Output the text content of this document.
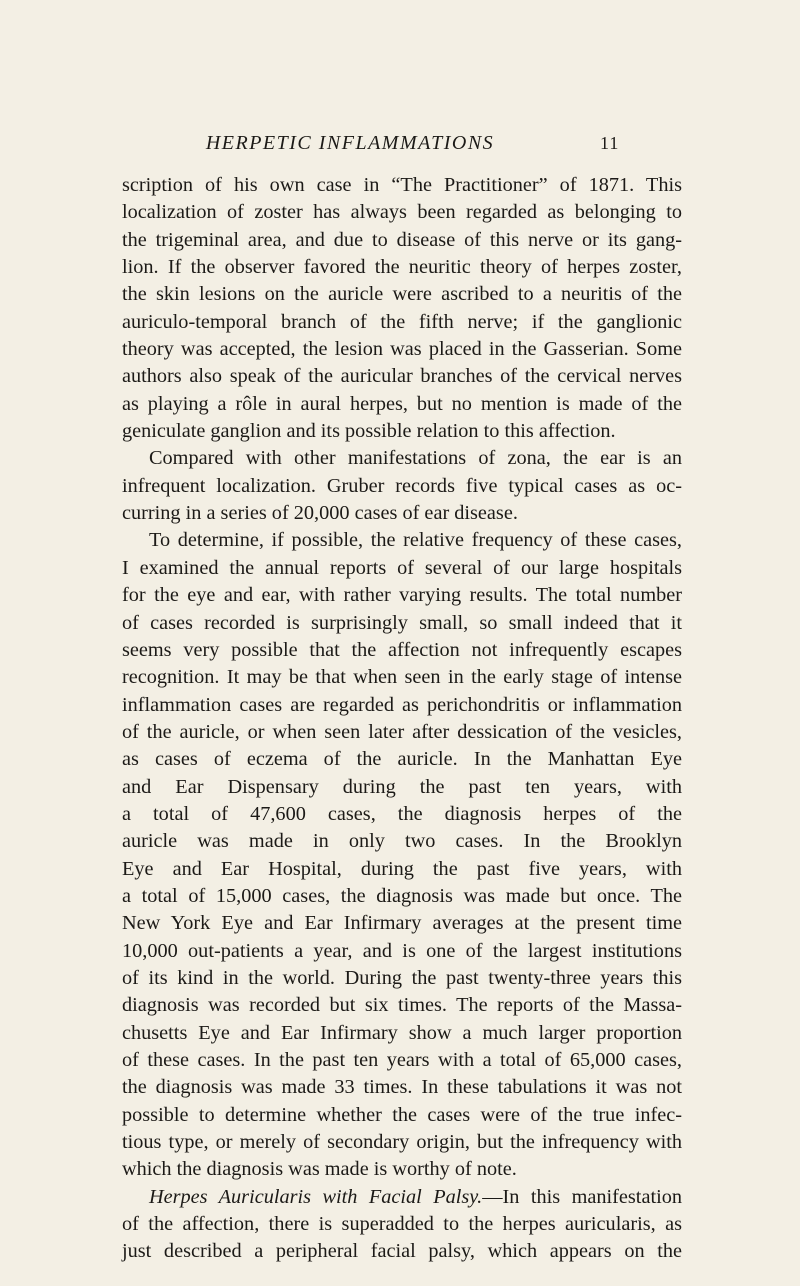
HERPETIC INFLAMMATIONS	11
scription of his own case in “The Practitioner” of 1871. This
localization of zoster has always been regarded as belonging to
the trigeminal area, and due to disease of this nerve or its gang-
lion. If the observer favored the neuritic theory of herpes zoster,
the skin lesions on the auricle were ascribed to a neuritis of the
auriculo-temporal branch of the fifth nerve; if the ganglionic
theory was accepted, the lesion was placed in the Gasserian. Some
authors also speak of the auricular branches of the cervical nerves
as playing a rôle in aural herpes, but no mention is made of the
geniculate ganglion and its possible relation to this affection.
Compared with other manifestations of zona, the ear is an
infrequent localization. Gruber records five typical cases as oc-
curring in a series of 20,000 cases of ear disease.
To determine, if possible, the relative frequency of these cases,
I examined the annual reports of several of our large hospitals
for the eye and ear, with rather varying results. The total number
of cases recorded is surprisingly small, so small indeed that it
seems very possible that the affection not infrequently escapes
recognition. It may be that when seen in the early stage of intense
inflammation cases are regarded as perichondritis or inflammation
of the auricle, or when seen later after dessication of the vesicles,
as cases of eczema of the auricle. In the Manhattan Eye
and Ear Dispensary during the past ten years, with
a total of 47,600 cases, the diagnosis herpes of the
auricle was made in only two cases. In the Brooklyn
Eye and Ear Hospital, during the past five years, with
a total of 15,000 cases, the diagnosis was made but once. The
New York Eye and Ear Infirmary averages at the present time
10,000 out-patients a year, and is one of the largest institutions
of its kind in the world. During the past twenty-three years this
diagnosis was recorded but six times. The reports of the Massa-
chusetts Eye and Ear Infirmary show a much larger proportion
of these cases. In the past ten years with a total of 65,000 cases,
the diagnosis was made 33 times. In these tabulations it was not
possible to determine whether the cases were of the true infec-
tious type, or merely of secondary origin, but the infrequency with
which the diagnosis was made is worthy of note.
Herpes Auricularis with Facial Palsy.—In this manifestation
of the affection, there is superadded to the herpes auricularis, as
just described a peripheral facial palsy, which appears on the
